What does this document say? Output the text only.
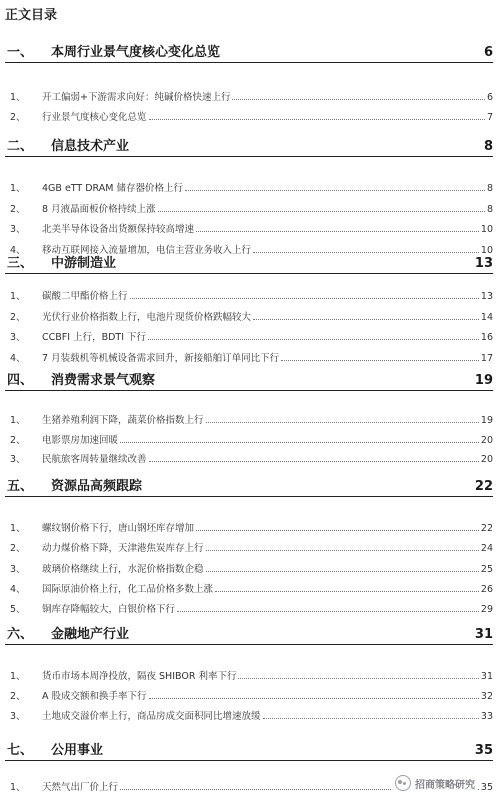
正文目录
一、 本周行业景气度核心变化总览	6
1、 开工偏弱+下游需求向好：纯碱价格快速上行	6
2、 行业景气度核心变化总览	7
二、 信息技术产业	8
1、 4GB eTT DRAM 储存器价格上行	8
2、 8 月液晶面板价格持续上涨	8
3、 北美半导体设备出货额保持较高增速	10
4、 移动互联网接入流量增加，电信主营业务收入上行	10
三、 中游制造业	13
1、 碳酸二甲酯价格上行	13
2、 光伏行业价格指数上行，电池片现货价格跌幅较大	14
3、 CCBFI 上行，BDTI 下行	16
4、 7 月装载机等机械设备需求回升，新接船舶订单同比下行	17
四、 消费需求景气观察	19
1、 生猪养殖利润下降，蔬菜价格指数上行	19
2、 电影票房加速回暖	20
3、 民航旅客周转量继续改善	20
五、 资源品高频跟踪	22
1、 螺纹钢价格下行，唐山钢坯库存增加	22
2、 动力煤价格下降，天津港焦炭库存上行	24
3、 玻璃价格继续上行，水泥价格指数企稳	25
4、 国际原油价格上行，化工品价格多数上涨	26
5、 铜库存降幅较大，白银价格下行	29
六、 金融地产行业	31
1、 货币市场本周净投放，隔夜 SHIBOR 利率下行	31
2、 A 股成交额和换手率下行	32
3、 土地成交溢价率上行，商品房成交面积同比增速放缓	33
七、 公用事业	35
1、 天然气出厂价上行	35
招商策略研究
